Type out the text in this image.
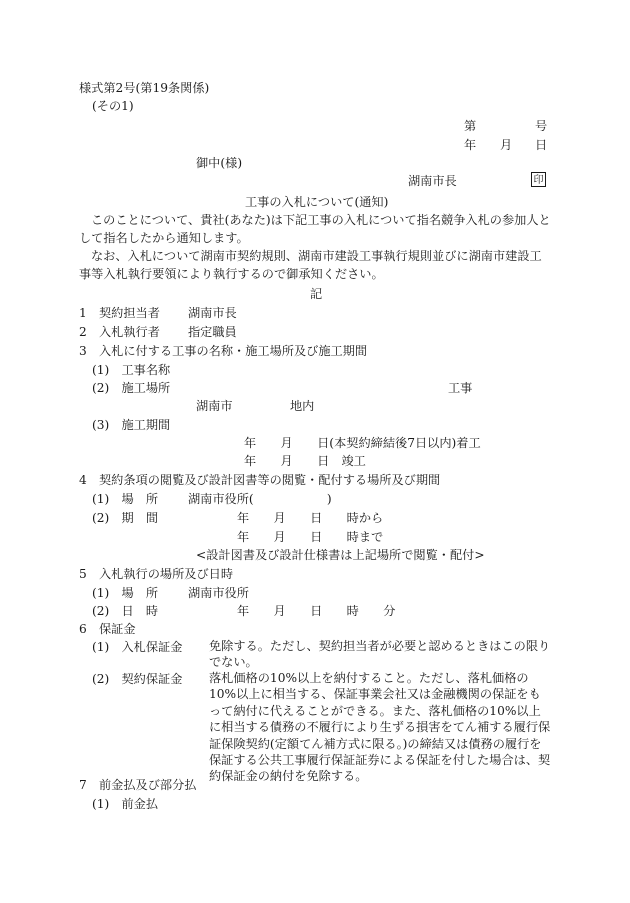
様式第2号(第19条関係)
(その1)
第	号
年 月 日
御中(様)
湖南市長	印
工事の入札について(通知)
このことについて、貴社(あなた)は下記工事の入札について指名競争入札の参加人として指名したから通知します。
なお、入札について湖南市契約規則、湖南市建設工事執行規則並びに湖南市建設工事等入札執行要領により執行するので御承知ください。
記
1　契約担当者 湖南市長
2　入札執行者 指定職員
3　入札に付する工事の名称・施工場所及び施工期間
(1)　工事名称
(2)　施工場所	工事
湖南市	地内
(3)　施工期間
年　　月　　日(本契約締結後7日以内)着工
年　　月　　日　竣工
4　契約条項の閲覧及び設計図書等の閲覧・配付する場所及び期間
(1)　場　所 湖南市役所(　　　　　　)
(2)　期　間	年　　月　　日　　時から
年　　月　　日　　時まで
<設計図書及び設計仕様書は上記場所で閲覧・配付>
5　入札執行の場所及び日時
(1)　場　所 湖南市役所
(2)　日　時	年　　月　　日　　時　　分
6　保証金
(1)　入札保証金 免除する。ただし、契約担当者が必要と認めるときはこの限りでない。
(2)　契約保証金 落札価格の10%以上を納付すること。ただし、落札価格の10%以上に相当する、保証事業会社又は金融機関の保証をもって納付に代えることができる。また、落札価格の10%以上に相当する債務の不履行により生ずる損害をてん補する履行保証保険契約(定額てん補方式に限る。)の締結又は債務の履行を保証する公共工事履行保証証券による保証を付した場合は、契約保証金の納付を免除する。
7　前金払及び部分払
(1)　前金払
